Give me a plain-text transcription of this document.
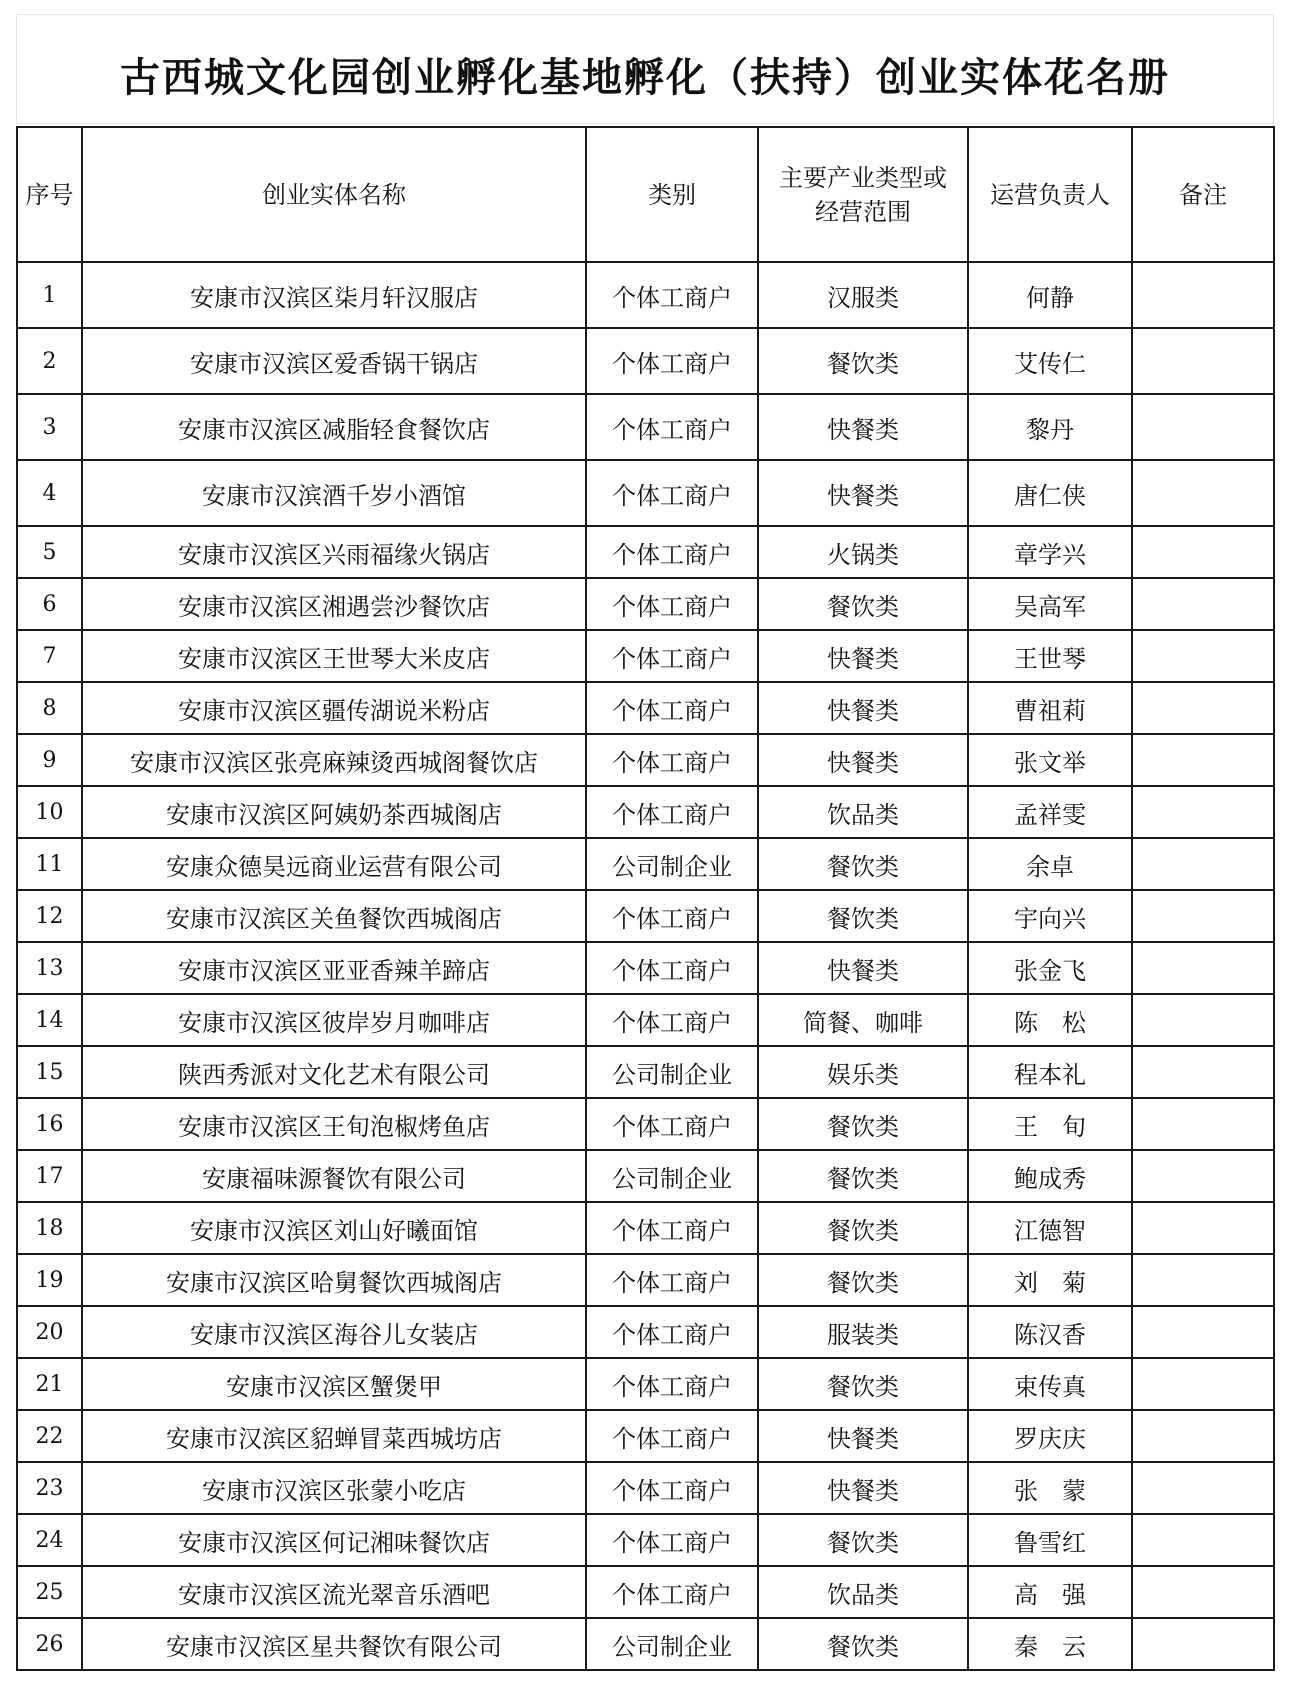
古西城文化园创业孵化基地孵化（扶持）创业实体花名册
序号	创业实体名称	类别	主要产业类型或经营范围	运营负责人	备注
1	安康市汉滨区柒月轩汉服店	个体工商户	汉服类	何静	
2	安康市汉滨区爱香锅干锅店	个体工商户	餐饮类	艾传仁	
3	安康市汉滨区减脂轻食餐饮店	个体工商户	快餐类	黎丹	
4	安康市汉滨酒千岁小酒馆	个体工商户	快餐类	唐仁侠	
5	安康市汉滨区兴雨福缘火锅店	个体工商户	火锅类	章学兴	
6	安康市汉滨区湘遇尝沙餐饮店	个体工商户	餐饮类	吴高军	
7	安康市汉滨区王世琴大米皮店	个体工商户	快餐类	王世琴	
8	安康市汉滨区疆传湖说米粉店	个体工商户	快餐类	曹祖莉	
9	安康市汉滨区张亮麻辣烫西城阁餐饮店	个体工商户	快餐类	张文举	
10	安康市汉滨区阿姨奶茶西城阁店	个体工商户	饮品类	孟祥雯	
11	安康众德昊远商业运营有限公司	公司制企业	餐饮类	余卓	
12	安康市汉滨区关鱼餐饮西城阁店	个体工商户	餐饮类	宇向兴	
13	安康市汉滨区亚亚香辣羊蹄店	个体工商户	快餐类	张金飞	
14	安康市汉滨区彼岸岁月咖啡店	个体工商户	简餐、咖啡	陈　松	
15	陕西秀派对文化艺术有限公司	公司制企业	娱乐类	程本礼	
16	安康市汉滨区王旬泡椒烤鱼店	个体工商户	餐饮类	王　旬	
17	安康福味源餐饮有限公司	公司制企业	餐饮类	鲍成秀	
18	安康市汉滨区刘山好曦面馆	个体工商户	餐饮类	江德智	
19	安康市汉滨区哈舅餐饮西城阁店	个体工商户	餐饮类	刘　菊	
20	安康市汉滨区海谷儿女装店	个体工商户	服装类	陈汉香	
21	安康市汉滨区蟹煲甲	个体工商户	餐饮类	束传真	
22	安康市汉滨区貂蝉冒菜西城坊店	个体工商户	快餐类	罗庆庆	
23	安康市汉滨区张蒙小吃店	个体工商户	快餐类	张　蒙	
24	安康市汉滨区何记湘味餐饮店	个体工商户	餐饮类	鲁雪红	
25	安康市汉滨区流光翠音乐酒吧	个体工商户	饮品类	高　强	
26	安康市汉滨区星共餐饮有限公司	公司制企业	餐饮类	秦　云	
